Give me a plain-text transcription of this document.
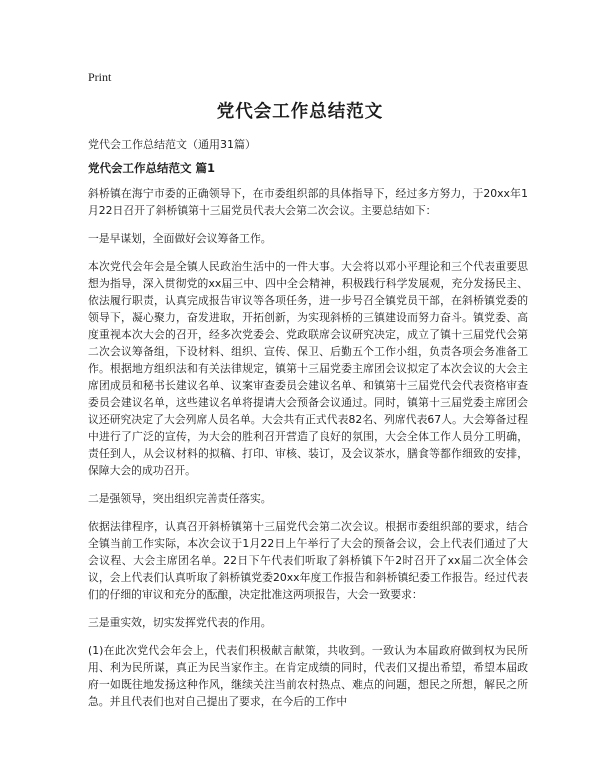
Print
党代会工作总结范文
党代会工作总结范文（通用31篇）
党代会工作总结范文 篇1

斜桥镇在海宁市委的正确领导下，在市委组织部的具体指导下，经过多方努力，于20xx年1月22日召开了斜桥镇第十三届党员代表大会第二次会议。主要总结如下：

一是早谋划，全面做好会议筹备工作。

本次党代会年会是全镇人民政治生活中的一件大事。大会将以邓小平理论和三个代表重要思想为指导，深入贯彻党的xx届三中、四中全会精神，积极践行科学发展观，充分发扬民主、依法履行职责，认真完成报告审议等各项任务，进一步号召全镇党员干部，在斜桥镇党委的领导下，凝心聚力，奋发进取，开拓创新，为实现斜桥的三镇建设而努力奋斗。镇党委、高度重视本次大会的召开，经多次党委会、党政联席会议研究决定，成立了镇十三届党代会第二次会议筹备组，下设材料、组织、宣传、保卫、后勤五个工作小组，负责各项会务准备工作。根据地方组织法和有关法律规定，镇第十三届党委主席团会议拟定了本次会议的大会主席团成员和秘书长建议名单、议案审查委员会建议名单、和镇第十三届党代会代表资格审查委员会建议名单，这些建议名单将提请大会预备会议通过。同时，镇第十三届党委主席团会议还研究决定了大会列席人员名单。大会共有正式代表82名、列席代表67人。大会筹备过程中进行了广泛的宣传，为大会的胜利召开营造了良好的氛围，大会全体工作人员分工明确，责任到人，从会议材料的拟稿、打印、审核、装订，及会议茶水，膳食等都作细致的安排，保障大会的成功召开。

二是强领导，突出组织完善责任落实。

依据法律程序，认真召开斜桥镇第十三届党代会第二次会议。根据市委组织部的要求，结合全镇当前工作实际，本次会议于1月22日上午举行了大会的预备会议，会上代表们通过了大会议程、大会主席团名单。22日下午代表们听取了斜桥镇下午2时召开了xx届二次全体会议，会上代表们认真听取了斜桥镇党委20xx年度工作报告和斜桥镇纪委工作报告。经过代表们的仔细的审议和充分的酝酿，决定批准这两项报告，大会一致要求：

三是重实效，切实发挥党代表的作用。

(1)在此次党代会年会上，代表们积极献言献策，共收到。一致认为本届政府做到权为民所用、利为民所谋，真正为民当家作主。在肯定成绩的同时，代表们又提出希望，希望本届政府一如既往地发扬这种作风，继续关注当前农村热点、难点的问题，想民之所想，解民之所急。并且代表们也对自己提出了要求，在今后的工作中
